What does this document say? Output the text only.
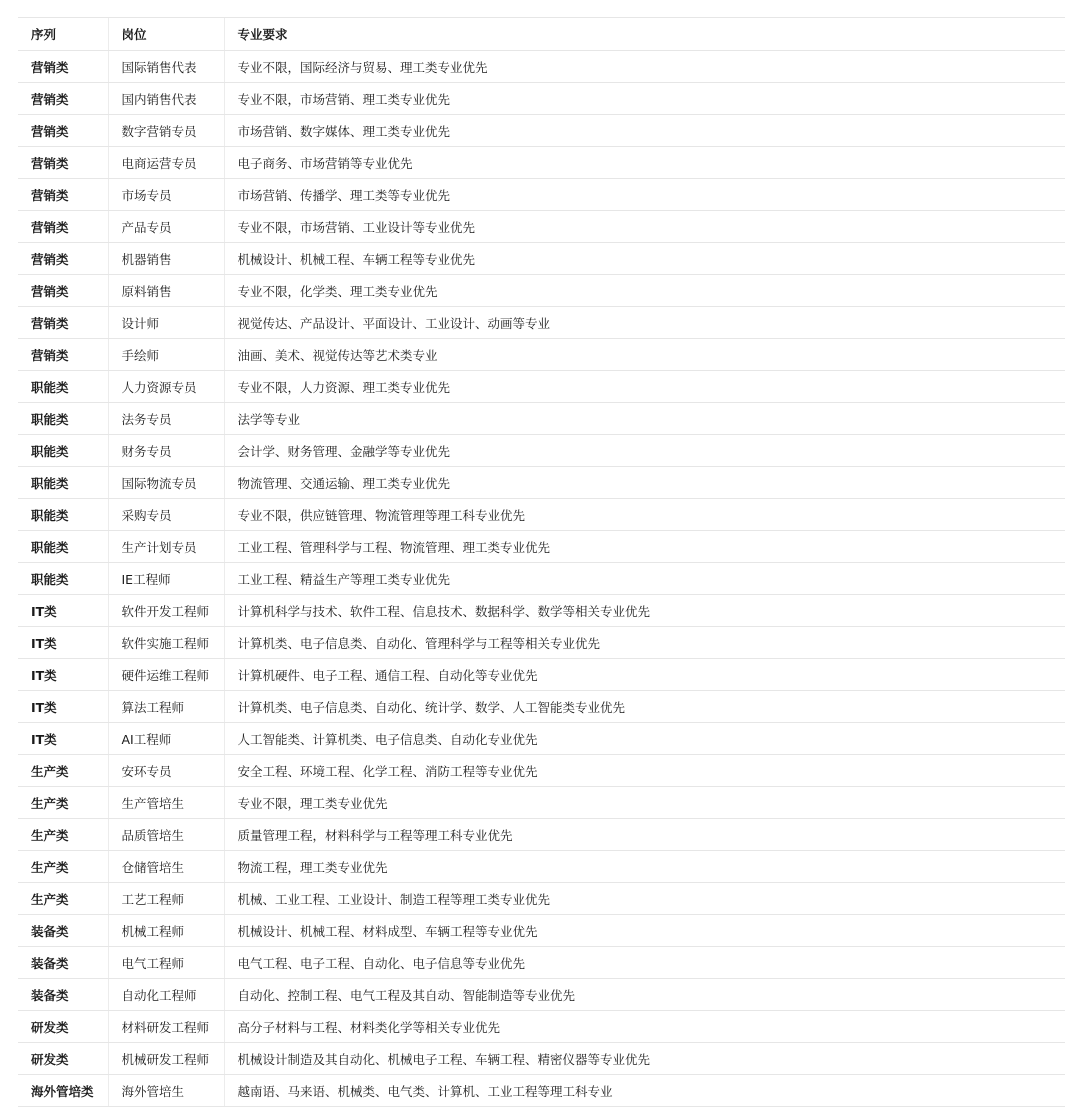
序列	岗位	专业要求
营销类	国际销售代表	专业不限，国际经济与贸易、理工类专业优先
营销类	国内销售代表	专业不限，市场营销、理工类专业优先
营销类	数字营销专员	市场营销、数字媒体、理工类专业优先
营销类	电商运营专员	电子商务、市场营销等专业优先
营销类	市场专员	市场营销、传播学、理工类等专业优先
营销类	产品专员	专业不限，市场营销、工业设计等专业优先
营销类	机器销售	机械设计、机械工程、车辆工程等专业优先
营销类	原料销售	专业不限，化学类、理工类专业优先
营销类	设计师	视觉传达、产品设计、平面设计、工业设计、动画等专业
营销类	手绘师	油画、美术、视觉传达等艺术类专业
职能类	人力资源专员	专业不限，人力资源、理工类专业优先
职能类	法务专员	法学等专业
职能类	财务专员	会计学、财务管理、金融学等专业优先
职能类	国际物流专员	物流管理、交通运输、理工类专业优先
职能类	采购专员	专业不限，供应链管理、物流管理等理工科专业优先
职能类	生产计划专员	工业工程、管理科学与工程、物流管理、理工类专业优先
职能类	IE工程师	工业工程、精益生产等理工类专业优先
IT类	软件开发工程师	计算机科学与技术、软件工程、信息技术、数据科学、数学等相关专业优先
IT类	软件实施工程师	计算机类、电子信息类、自动化、管理科学与工程等相关专业优先
IT类	硬件运维工程师	计算机硬件、电子工程、通信工程、自动化等专业优先
IT类	算法工程师	计算机类、电子信息类、自动化、统计学、数学、人工智能类专业优先
IT类	AI工程师	人工智能类、计算机类、电子信息类、自动化专业优先
生产类	安环专员	安全工程、环境工程、化学工程、消防工程等专业优先
生产类	生产管培生	专业不限，理工类专业优先
生产类	品质管培生	质量管理工程，材料科学与工程等理工科专业优先
生产类	仓储管培生	物流工程，理工类专业优先
生产类	工艺工程师	机械、工业工程、工业设计、制造工程等理工类专业优先
装备类	机械工程师	机械设计、机械工程、材料成型、车辆工程等专业优先
装备类	电气工程师	电气工程、电子工程、自动化、电子信息等专业优先
装备类	自动化工程师	自动化、控制工程、电气工程及其自动、智能制造等专业优先
研发类	材料研发工程师	高分子材料与工程、材料类化学等相关专业优先
研发类	机械研发工程师	机械设计制造及其自动化、机械电子工程、车辆工程、精密仪器等专业优先
海外管培类	海外管培生	越南语、马来语、机械类、电气类、计算机、工业工程等理工科专业
